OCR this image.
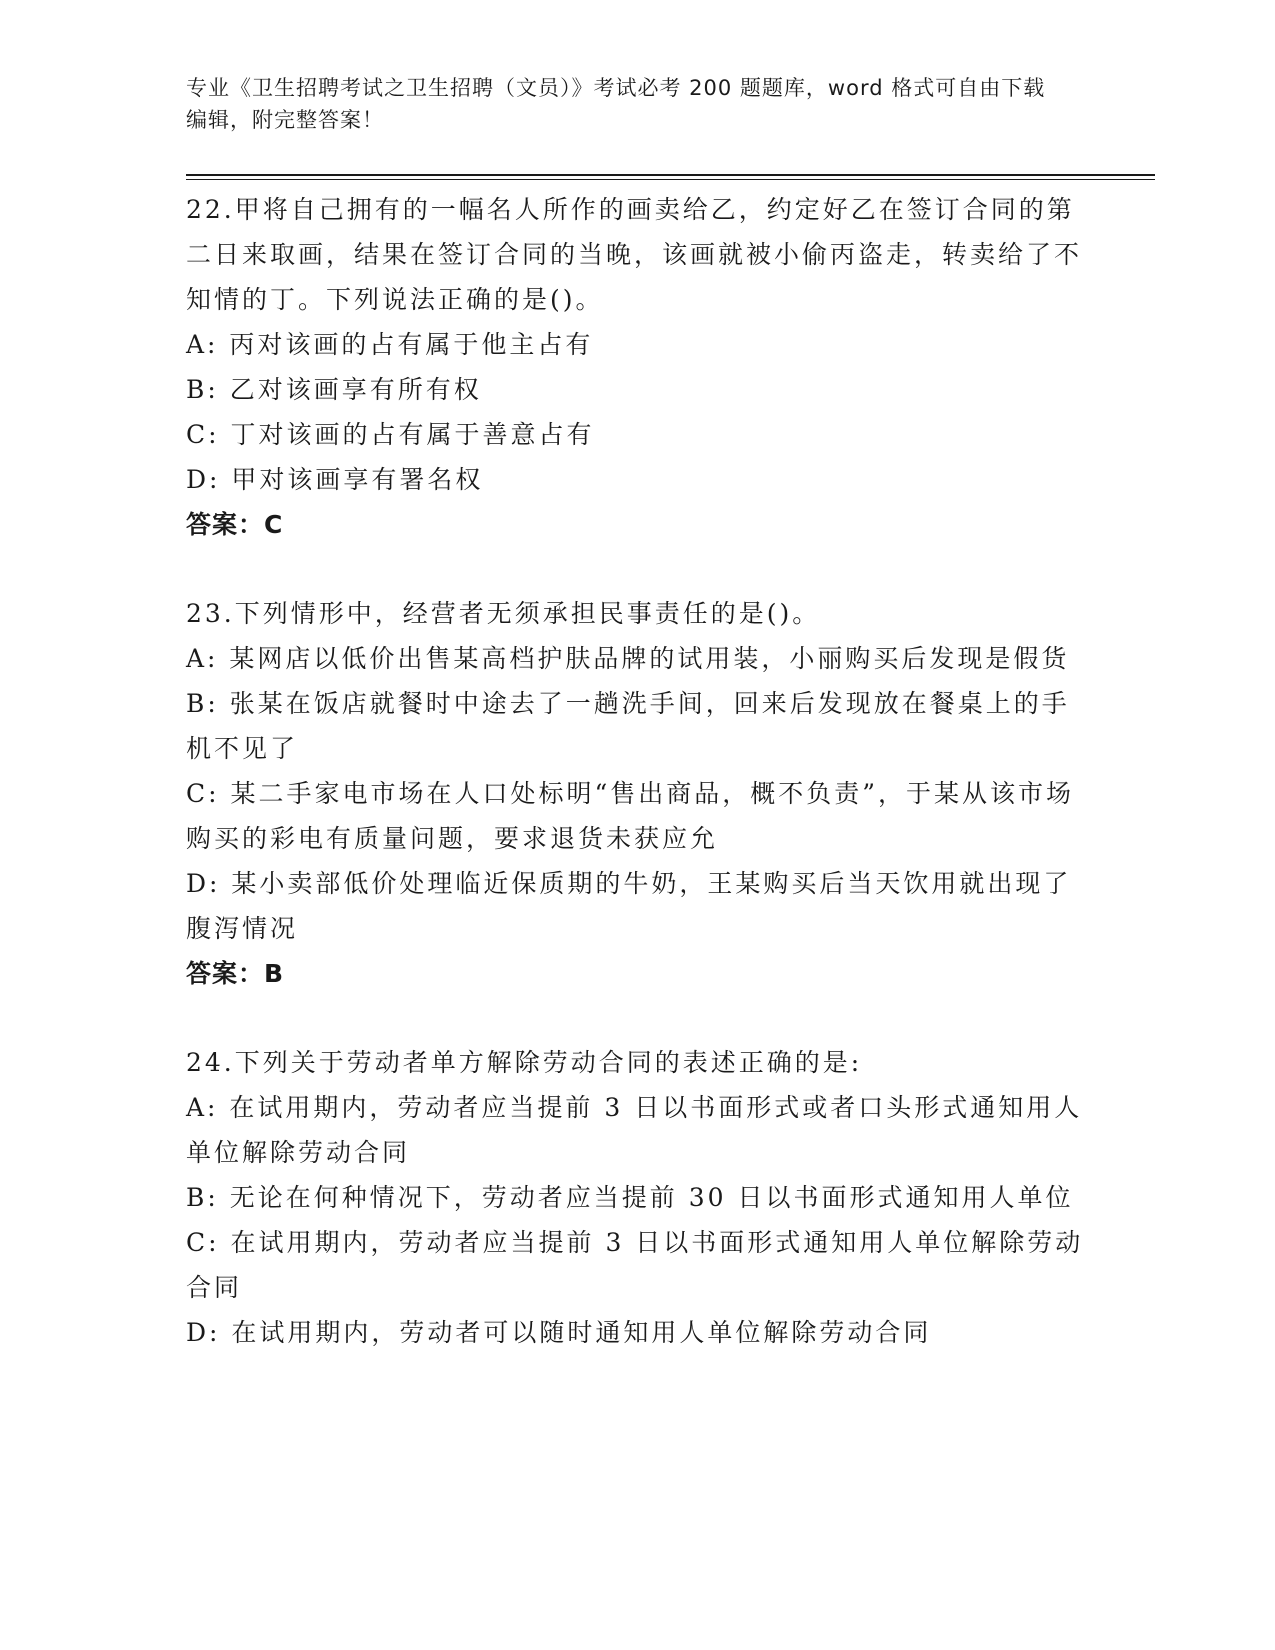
专业《卫生招聘考试之卫生招聘（文员）》考试必考 200 题题库，word 格式可自由下载编辑，附完整答案！

22.甲将自己拥有的一幅名人所作的画卖给乙，约定好乙在签订合同的第二日来取画，结果在签订合同的当晚，该画就被小偷丙盗走，转卖给了不知情的丁。下列说法正确的是()。

A: 丙对该画的占有属于他主占有

B: 乙对该画享有所有权

C: 丁对该画的占有属于善意占有

D: 甲对该画享有署名权

答案：C

23.下列情形中，经营者无须承担民事责任的是()。

A: 某网店以低价出售某高档护肤品牌的试用装，小丽购买后发现是假货

B: 张某在饭店就餐时中途去了一趟洗手间，回来后发现放在餐桌上的手机不见了

C: 某二手家电市场在人口处标明“售出商品，概不负责”，于某从该市场购买的彩电有质量问题，要求退货未获应允

D: 某小卖部低价处理临近保质期的牛奶，王某购买后当天饮用就出现了腹泻情况

答案：B

24.下列关于劳动者单方解除劳动合同的表述正确的是:

A: 在试用期内，劳动者应当提前 3 日以书面形式或者口头形式通知用人单位解除劳动合同

B: 无论在何种情况下，劳动者应当提前 30 日以书面形式通知用人单位

C: 在试用期内，劳动者应当提前 3 日以书面形式通知用人单位解除劳动合同

D: 在试用期内，劳动者可以随时通知用人单位解除劳动合同
